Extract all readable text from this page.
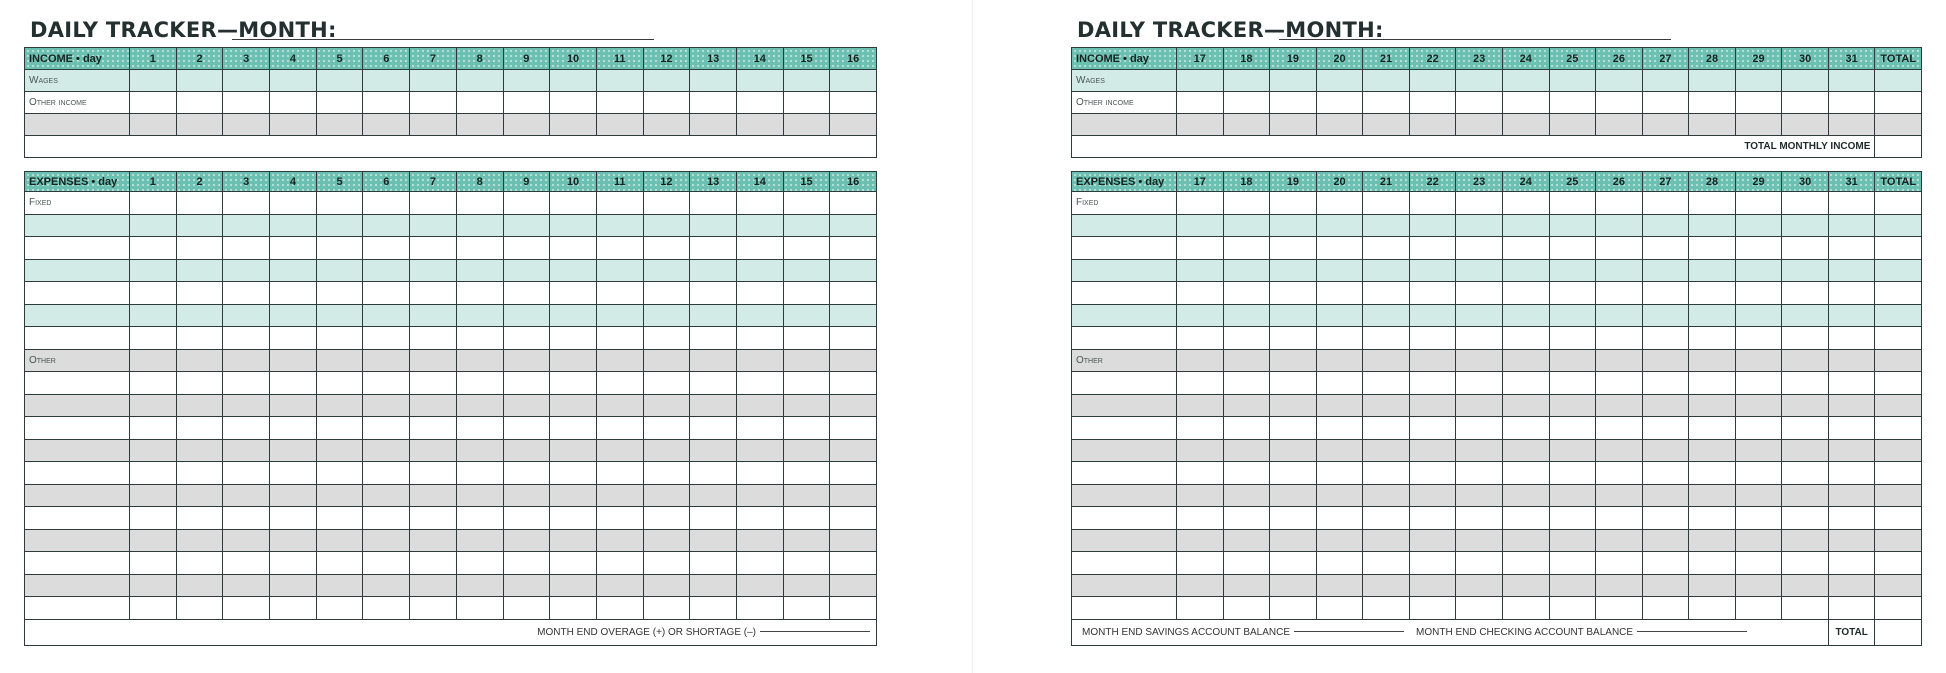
DAILY TRACKER—MONTH:
INCOME • day	1	2	3	4	5	6	7	8	9	10	11	12	13	14	15	16
Wages																
Other income																

EXPENSES • day	1	2	3	4	5	6	7	8	9	10	11	12	13	14	15	16
Fixed																

Other																

MONTH END OVERAGE (+) OR SHORTAGE (–)																
DAILY TRACKER—MONTH:
INCOME • day	17	18	19	20	21	22	23	24	25	26	27	28	29	30	31	TOTAL
Wages																
Other income																

TOTAL MONTHLY INCOME																
EXPENSES • day	17	18	19	20	21	22	23	24	25	26	27	28	29	30	31	TOTAL
Fixed																

Other																

MONTH END SAVINGS ACCOUNT BALANCE MONTH END CHECKING ACCOUNT BALANCE															TOTAL	
